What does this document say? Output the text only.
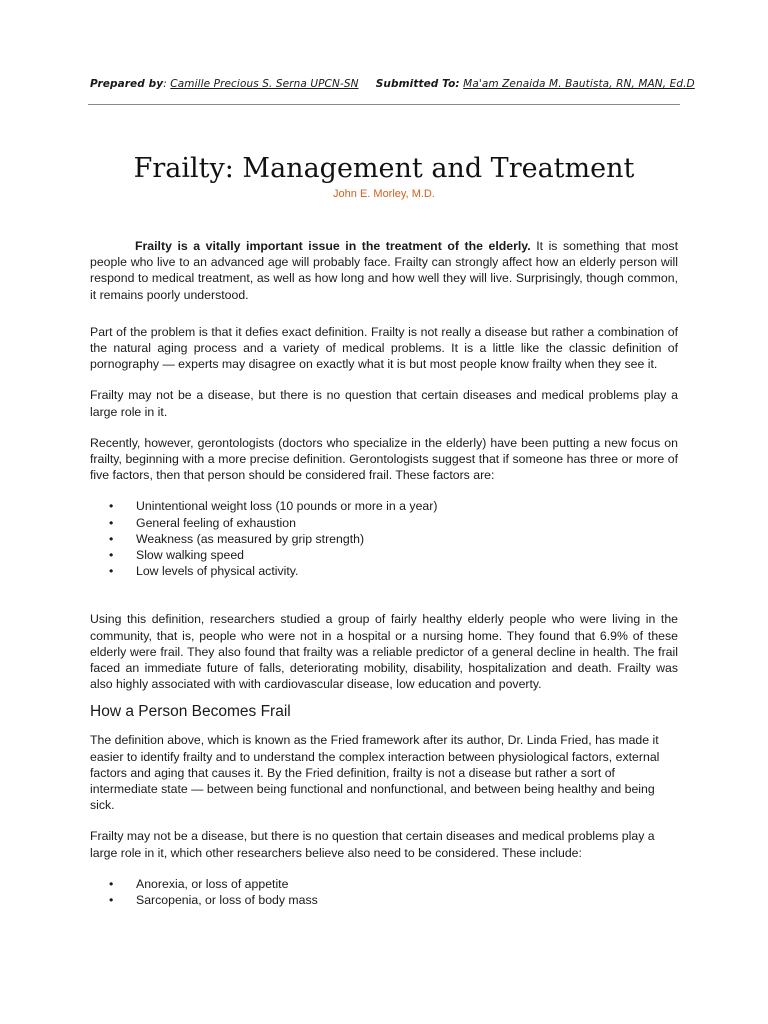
Prepared by: Camille Precious S. Serna UPCN-SN Submitted To: Ma'am Zenaida M. Bautista, RN, MAN, Ed.D
Frailty: Management and Treatment
John E. Morley, M.D.

Frailty is a vitally important issue in the treatment of the elderly. It is something that most people who live to an advanced age will probably face. Frailty can strongly affect how an elderly person will respond to medical treatment, as well as how long and how well they will live. Surprisingly, though common, it remains poorly understood.

Part of the problem is that it defies exact definition. Frailty is not really a disease but rather a combination of the natural aging process and a variety of medical problems. It is a little like the classic definition of pornography — experts may disagree on exactly what it is but most people know frailty when they see it.

Frailty may not be a disease, but there is no question that certain diseases and medical problems play a large role in it.

Recently, however, gerontologists (doctors who specialize in the elderly) have been putting a new focus on frailty, beginning with a more precise definition. Gerontologists suggest that if someone has three or more of five factors, then that person should be considered frail. These factors are:

• Unintentional weight loss (10 pounds or more in a year)
• General feeling of exhaustion
• Weakness (as measured by grip strength)
• Slow walking speed
• Low levels of physical activity.

Using this definition, researchers studied a group of fairly healthy elderly people who were living in the community, that is, people who were not in a hospital or a nursing home. They found that 6.9% of these elderly were frail. They also found that frailty was a reliable predictor of a general decline in health. The frail faced an immediate future of falls, deteriorating mobility, disability, hospitalization and death. Frailty was also highly associated with with cardiovascular disease, low education and poverty.

How a Person Becomes Frail

The definition above, which is known as the Fried framework after its author, Dr. Linda Fried, has made it easier to identify frailty and to understand the complex interaction between physiological factors, external factors and aging that causes it. By the Fried definition, frailty is not a disease but rather a sort of intermediate state — between being functional and nonfunctional, and between being healthy and being sick.

Frailty may not be a disease, but there is no question that certain diseases and medical problems play a large role in it, which other researchers believe also need to be considered. These include:

• Anorexia, or loss of appetite
• Sarcopenia, or loss of body mass
